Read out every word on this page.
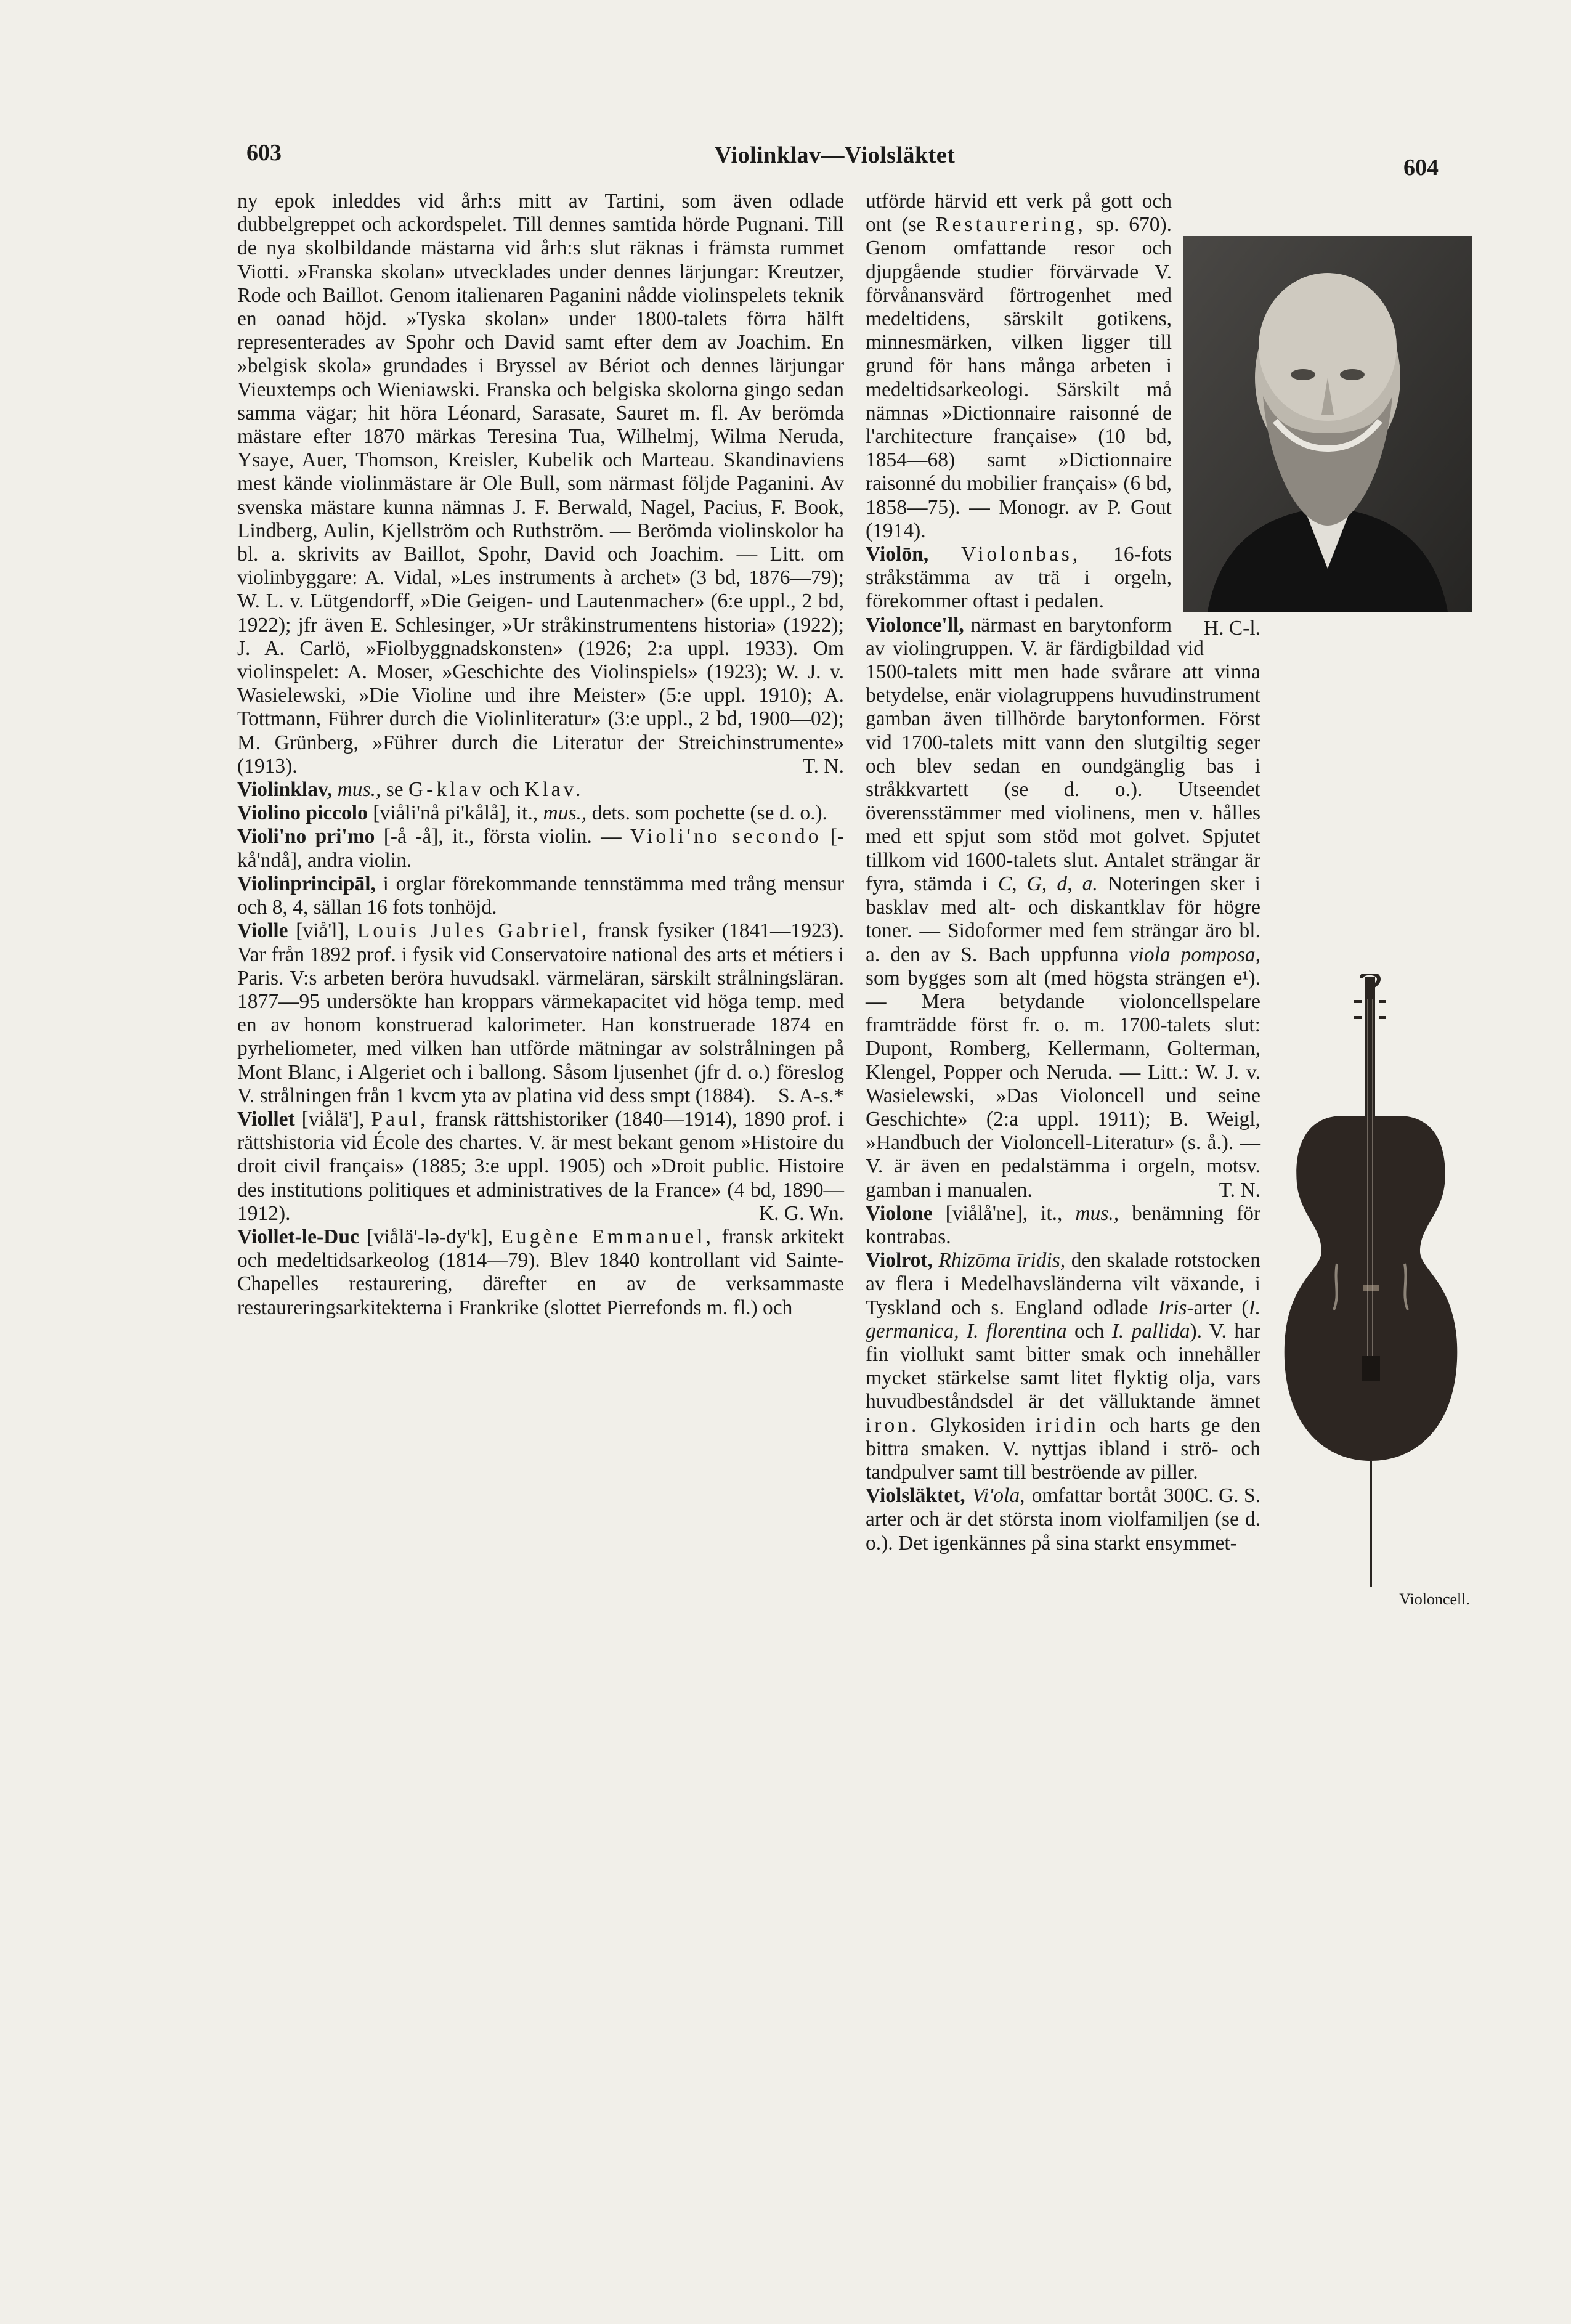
603	Violinklav—Violsläktet	604

ny epok inleddes vid årh:s mitt av Tartini, som även odlade dubbelgreppet och ackordspelet. Till dennes samtida hörde Pugnani. Till de nya skolbildande mästarna vid årh:s slut räknas i främsta rummet Viotti. »Franska skolan» utvecklades under dennes lärjungar: Kreutzer, Rode och Baillot. Genom italienaren Paganini nådde violinspelets teknik en oanad höjd. »Tyska skolan» under 1800-talets förra hälft representerades av Spohr och David samt efter dem av Joachim. En »belgisk skola» grundades i Bryssel av Bériot och dennes lärjungar Vieuxtemps och Wieniawski. Franska och belgiska skolorna gingo sedan samma vägar; hit höra Léonard, Sarasate, Sauret m. fl. Av berömda mästare efter 1870 märkas Teresina Tua, Wilhelmj, Wilma Neruda, Ysaye, Auer, Thomson, Kreisler, Kubelik och Marteau. Skandinaviens mest kände violinmästare är Ole Bull, som närmast följde Paganini. Av svenska mästare kunna nämnas J. F. Berwald, Nagel, Pacius, F. Book, Lindberg, Aulin, Kjellström och Ruthström. — Berömda violinskolor ha bl. a. skrivits av Baillot, Spohr, David och Joachim. — Litt. om violinbyggare: A. Vidal, »Les instruments à archet» (3 bd, 1876—79); W. L. v. Lütgendorff, »Die Geigen- und Lautenmacher» (6:e uppl., 2 bd, 1922); jfr även E. Schlesinger, »Ur stråkinstrumentens historia» (1922); J. A. Carlö, »Fiolbyggnadskonsten» (1926; 2:a uppl. 1933). Om violinspelet: A. Moser, »Geschichte des Violinspiels» (1923); W. J. v. Wasielewski, »Die Violine und ihre Meister» (5:e uppl. 1910); A. Tottmann, Führer durch die Violinliteratur» (3:e uppl., 2 bd, 1900—02); M. Grünberg, »Führer durch die Literatur der Streichinstrumente» (1913).	T. N.

Violinklav, mus., se G-klav och Klav.

Violino piccolo [viåli'nå pi'kålå], it., mus., dets. som pochette (se d. o.).

Violi'no pri'mo [-å -å], it., första violin. — Violi'no secondo [-kå'ndå], andra violin.

Violinprincipāl, i orglar förekommande tennstämma med trång mensur och 8, 4, sällan 16 fots tonhöjd.

Violle [viå'l], Louis Jules Gabriel, fransk fysiker (1841—1923). Var från 1892 prof. i fysik vid Conservatoire national des arts et métiers i Paris. V:s arbeten beröra huvudsakl. värmeläran, särskilt strålningsläran. 1877—95 undersökte han kroppars värmekapacitet vid höga temp. med en av honom konstruerad kalorimeter. Han konstruerade 1874 en pyrheliometer, med vilken han utförde mätningar av solstrålningen på Mont Blanc, i Algeriet och i ballong. Såsom ljusenhet (jfr d. o.) föreslog V. strålningen från 1 kvcm yta av platina vid dess smpt (1884). S. A-s.*

Viollet [viålä'], Paul, fransk rättshistoriker (1840—1914), 1890 prof. i rättshistoria vid École des chartes. V. är mest bekant genom »Histoire du droit civil français» (1885; 3:e uppl. 1905) och »Droit public. Histoire des institutions politiques et administratives de la France» (4 bd, 1890—1912).	K. G. Wn.

Viollet-le-Duc [viålä'-lə-dy'k], Eugène Emmanuel, fransk arkitekt och medeltidsarkeolog (1814—79). Blev 1840 kontrollant vid Sainte-Chapelles restaurering, därefter en av de verksammaste restaureringsarkitekterna i Frankrike (slottet Pierrefonds m. fl.) och

Violoncell.

utförde härvid ett verk på gott och ont (se Restaurering, sp. 670). Genom omfattande resor och djupgående studier förvärvade V. förvånansvärd förtrogenhet med medeltidens, särskilt gotikens, minnesmärken, vilken ligger till grund för hans många arbeten i medeltidsarkeologi. Särskilt må nämnas »Dictionnaire raisonné de l'architecture française» (10 bd, 1854—68) samt »Dictionnaire raisonné du mobilier français» (6 bd, 1858—75). — Monogr. av P. Gout (1914).
H. C-l.

Violōn, Violonbas, 16-fots stråkstämma av trä i orgeln, förekommer oftast i pedalen.

Violonce'll, närmast en barytonform av violingruppen. V. är färdigbildad vid 1500-talets mitt men hade svårare att vinna betydelse, enär violagruppens huvudinstrument gamban även tillhörde barytonformen. Först vid 1700-talets mitt vann den slutgiltig seger och blev sedan en oundgänglig bas i stråkkvartett (se d. o.). Utseendet överensstämmer med violinens, men v. hålles med ett spjut som stöd mot golvet. Spjutet tillkom vid 1600-talets slut. Antalet strängar är fyra, stämda i C, G, d, a. Noteringen sker i basklav med alt- och diskantklav för högre toner. — Sidoformer med fem strängar äro bl. a. den av S. Bach uppfunna viola pomposa, som bygges som alt (med högsta strängen e¹). — Mera betydande violoncellspelare framträdde först fr. o. m. 1700-talets slut: Dupont, Romberg, Kellermann, Golterman, Klengel, Popper och Neruda. — Litt.: W. J. v. Wasielewski, »Das Violoncell und seine Geschichte» (2:a uppl. 1911); B. Weigl, »Handbuch der Violoncell-Literatur» (s. å.). — V. är även en pedalstämma i orgeln, motsv. gamban i manualen.	T. N.

Violone [viålå'ne], it., mus., benämning för kontrabas.

Violrot, Rhizōma īridis, den skalade rotstocken av flera i Medelhavsländerna vilt växande, i Tyskland och s. England odlade Iris-arter (I. germanica, I. florentina och I. pallida). V. har fin viollukt samt bitter smak och innehåller mycket stärkelse samt litet flyktig olja, vars huvudbeståndsdel är det välluktande ämnet iron. Glykosiden iridin och harts ge den bittra smaken. V. nyttjas ibland i strö- och tandpulver samt till beströende av piller.
C. G. S.

Violsläktet, Vi'ola, omfattar bortåt 300 arter och är det största inom violfamiljen (se d. o.). Det igenkännes på sina starkt ensymmet-
